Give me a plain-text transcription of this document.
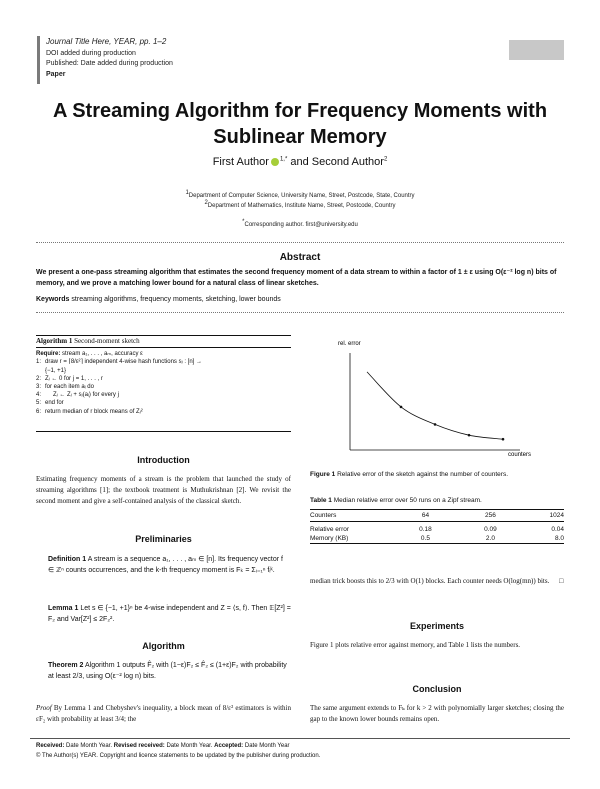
Journal Title Here, YEAR, pp. 1–2
DOI added during production
Published: Date added during production
Paper
A Streaming Algorithm for Frequency Moments with Sublinear Memory
First Author $^{1,*}$ and Second Author$^2$
$^1$Department of Computer Science, University Name, Street, Postcode, State, Country
$^2$Department of Mathematics, Institute Name, Street, Postcode, Country
*Corresponding author. first@university.edu
Abstract
We present a one-pass streaming algorithm that estimates the second frequency moment of a data stream to within a factor of 1 ± ε using O(ε⁻² log n) bits of memory, and we prove a matching lower bound for a natural class of linear sketches.
Keywords streaming algorithms, frequency moments, sketching, lower bounds
Algorithm 1 Second-moment sketch
Require: stream a₁, . . . , aₘ, accuracy ε
1: draw r = ⌈8/ε²⌉ independent 4-wise hash functions sⱼ : [n] →
{−1, +1}
2: Zⱼ ← 0 for j = 1, . . . , r
3: for each item aᵢ do
4: Zⱼ ← Zⱼ + sⱼ(aᵢ) for every j
5: end for
6: return median of r block means of Zⱼ²
Introduction
Estimating frequency moments of a stream is the problem that launched the study of streaming algorithms [1]; the textbook treatment is Muthukrishnan [2]. We revisit the second moment and give a self-contained analysis of the classical sketch.
Preliminaries
Definition 1 A stream is a sequence a₁, . . . , aₘ ∈ [n]. Its frequency vector f ∈ ℤⁿ counts occurrences, and the k-th frequency moment is Fₖ = Σᵢ₌₁ⁿ fᵢᵏ.
Lemma 1 Let s ∈ {−1, +1}ⁿ be 4-wise independent and Z = ⟨s, f⟩. Then 𝔼[Z²] = F₂ and Var[Z²] ≤ 2F₂².
Algorithm
Theorem 2 Algorithm 1 outputs F̂₂ with (1−ε)F₂ ≤ F̂₂ ≤ (1+ε)F₂ with probability at least 2/3, using O(ε⁻² log n) bits.
Proof By Lemma 1 and Chebyshev's inequality, a block mean of 8/ε² estimators is within εF₂ with probability at least 3/4; the
rel. error
counters
Figure 1 Relative error of the sketch against the number of counters.
Table 1 Median relative error over 50 runs on a Zipf stream.
Counters	64	256	1024
Relative error	0.18	0.09	0.04
Memory (KB)	0.5	2.0	8.0
median trick boosts this to 2/3 with O(1) blocks. Each counter needs O(log(mn)) bits. □
Experiments
Figure 1 plots relative error against memory, and Table 1 lists the numbers.
Conclusion
The same argument extends to Fₖ for k > 2 with polynomially larger sketches; closing the gap to the known lower bounds remains open.
Received: Date Month Year. Revised received: Date Month Year. Accepted: Date Month Year
© The Author(s) YEAR. Copyright and licence statements to be updated by the publisher during production.
